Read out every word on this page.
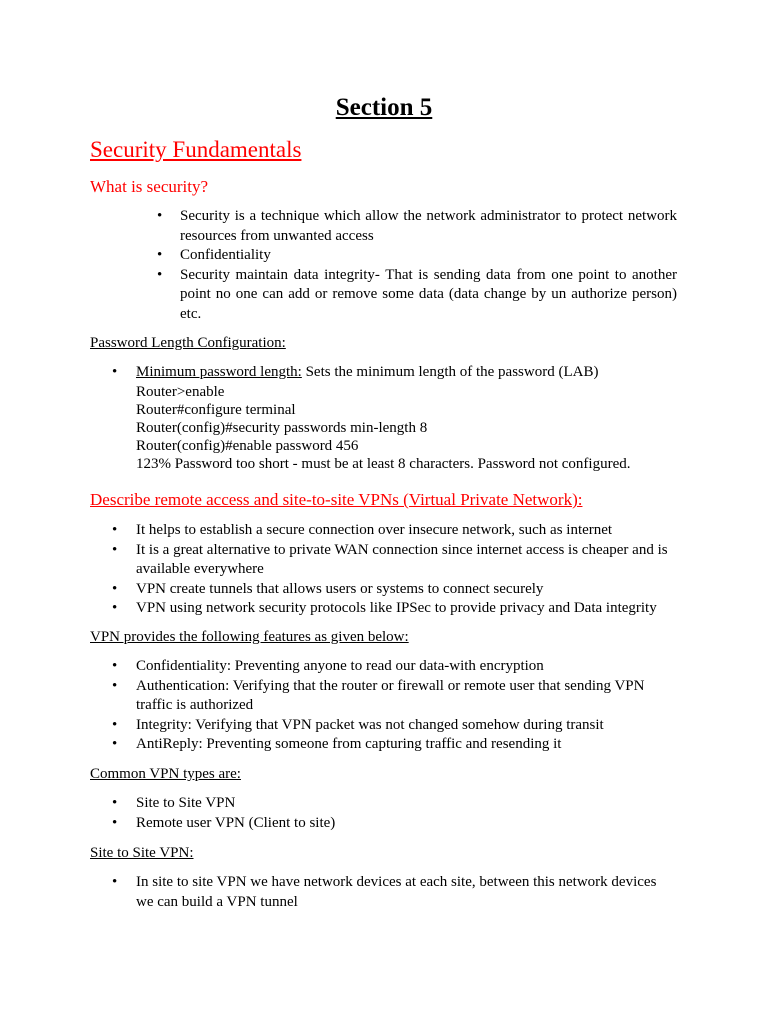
Section 5
Security Fundamentals
What is security?
• Security is a technique which allow the network administrator to protect network resources from unwanted access
• Confidentiality
• Security maintain data integrity- That is sending data from one point to another point no one can add or remove some data (data change by un authorize person) etc.
Password Length Configuration:
• Minimum password length: Sets the minimum length of the password (LAB)
Router>enable
Router#configure terminal
Router(config)#security passwords min-length 8
Router(config)#enable password 456
123% Password too short - must be at least 8 characters. Password not configured.
Describe remote access and site-to-site VPNs (Virtual Private Network):
• It helps to establish a secure connection over insecure network, such as internet
• It is a great alternative to private WAN connection since internet access is cheaper and is available everywhere
• VPN create tunnels that allows users or systems to connect securely
• VPN using network security protocols like IPSec to provide privacy and Data integrity
VPN provides the following features as given below:
• Confidentiality: Preventing anyone to read our data-with encryption
• Authentication: Verifying that the router or firewall or remote user that sending VPN traffic is authorized
• Integrity: Verifying that VPN packet was not changed somehow during transit
• AntiReply: Preventing someone from capturing traffic and resending it
Common VPN types are:
• Site to Site VPN
• Remote user VPN (Client to site)
Site to Site VPN:
• In site to site VPN we have network devices at each site, between this network devices we can build a VPN tunnel
